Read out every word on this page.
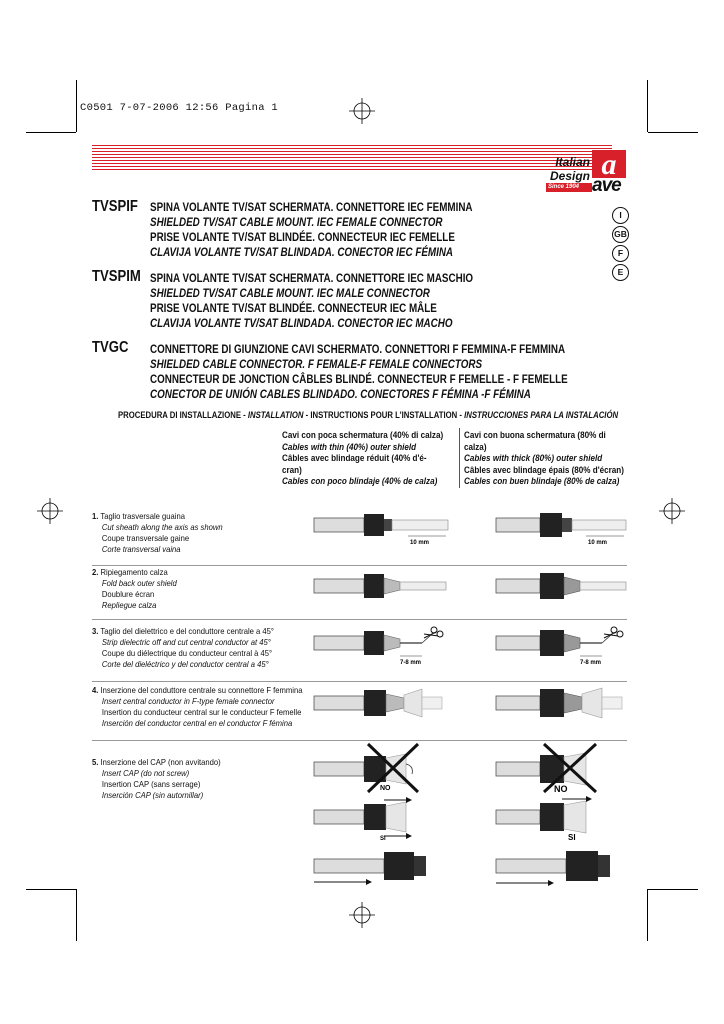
C0501 7-07-2006 12:56 Pagina 1
Italian
Design
Since 1904
a
ave
TVSPIF SPINA VOLANTE TV/SAT SCHERMATA. CONNETTORE IEC FEMMINA
SHIELDED TV/SAT CABLE MOUNT. IEC FEMALE CONNECTOR
PRISE VOLANTE TV/SAT BLINDÉE. CONNECTEUR IEC FEMELLE
CLAVIJA VOLANTE TV/SAT BLINDADA. CONECTOR IEC FÉMINA
TVSPIM SPINA VOLANTE TV/SAT SCHERMATA. CONNETTORE IEC MASCHIO
SHIELDED TV/SAT CABLE MOUNT. IEC MALE CONNECTOR
PRISE VOLANTE TV/SAT BLINDÉE. CONNECTEUR IEC MÂLE
CLAVIJA VOLANTE TV/SAT BLINDADA. CONECTOR IEC MACHO
TVGC CONNETTORE DI GIUNZIONE CAVI SCHERMATO. CONNETTORI F FEMMINA-F FEMMINA
SHIELDED CABLE CONNECTOR. F FEMALE-F FEMALE CONNECTORS
CONNECTEUR DE JONCTION CÂBLES BLINDÉ. CONNECTEUR F FEMELLE - F FEMELLE
CONECTOR DE UNIÓN CABLES BLINDADO. CONECTORES F FÉMINA -F FÉMINA
I
GB
F
E
PROCEDURA DI INSTALLAZIONE - INSTALLATION - INSTRUCTIONS POUR L'INSTALLATION - INSTRUCCIONES PARA LA INSTALACIÓN
Cavi con poca schermatura (40% di calza)
Cables with thin (40%) outer shield
Câbles avec blindage réduit (40% d'é-
cran)
Cables con poco blindaje (40% de calza)
Cavi con buona schermatura (80% di
calza)
Cables with thick (80%) outer shield
Câbles avec blindage épais (80% d'écran)
Cables con buen blindaje (80% de calza)
1. Taglio trasversale guaina
Cut sheath along the axis as shown
Coupe transversale gaine
Corte transversal vaina
2. Ripiegamento calza
Fold back outer shield
Doublure écran
Repliegue calza
3. Taglio del dielettrico e del conduttore centrale a 45°
Strip dielectric off and cut central conductor at 45°
Coupe du diélectrique du conducteur central à 45°
Corte del dieléctrico y del conductor central a 45°
4. Inserzione del conduttore centrale su connettore F femmina
Insert central conductor in F-type female connector
Insertion du conducteur central sur le conducteur F femelle
Inserción del conductor central en el conductor F fémina
5. Inserzione del CAP (non avvitando)
Insert CAP (do not screw)
Insertion CAP (sans serrage)
Inserción CAP (sin autornillar)
10 mm	10 mm
7-8 mm	7-8 mm
NO	NO
SI	SI
